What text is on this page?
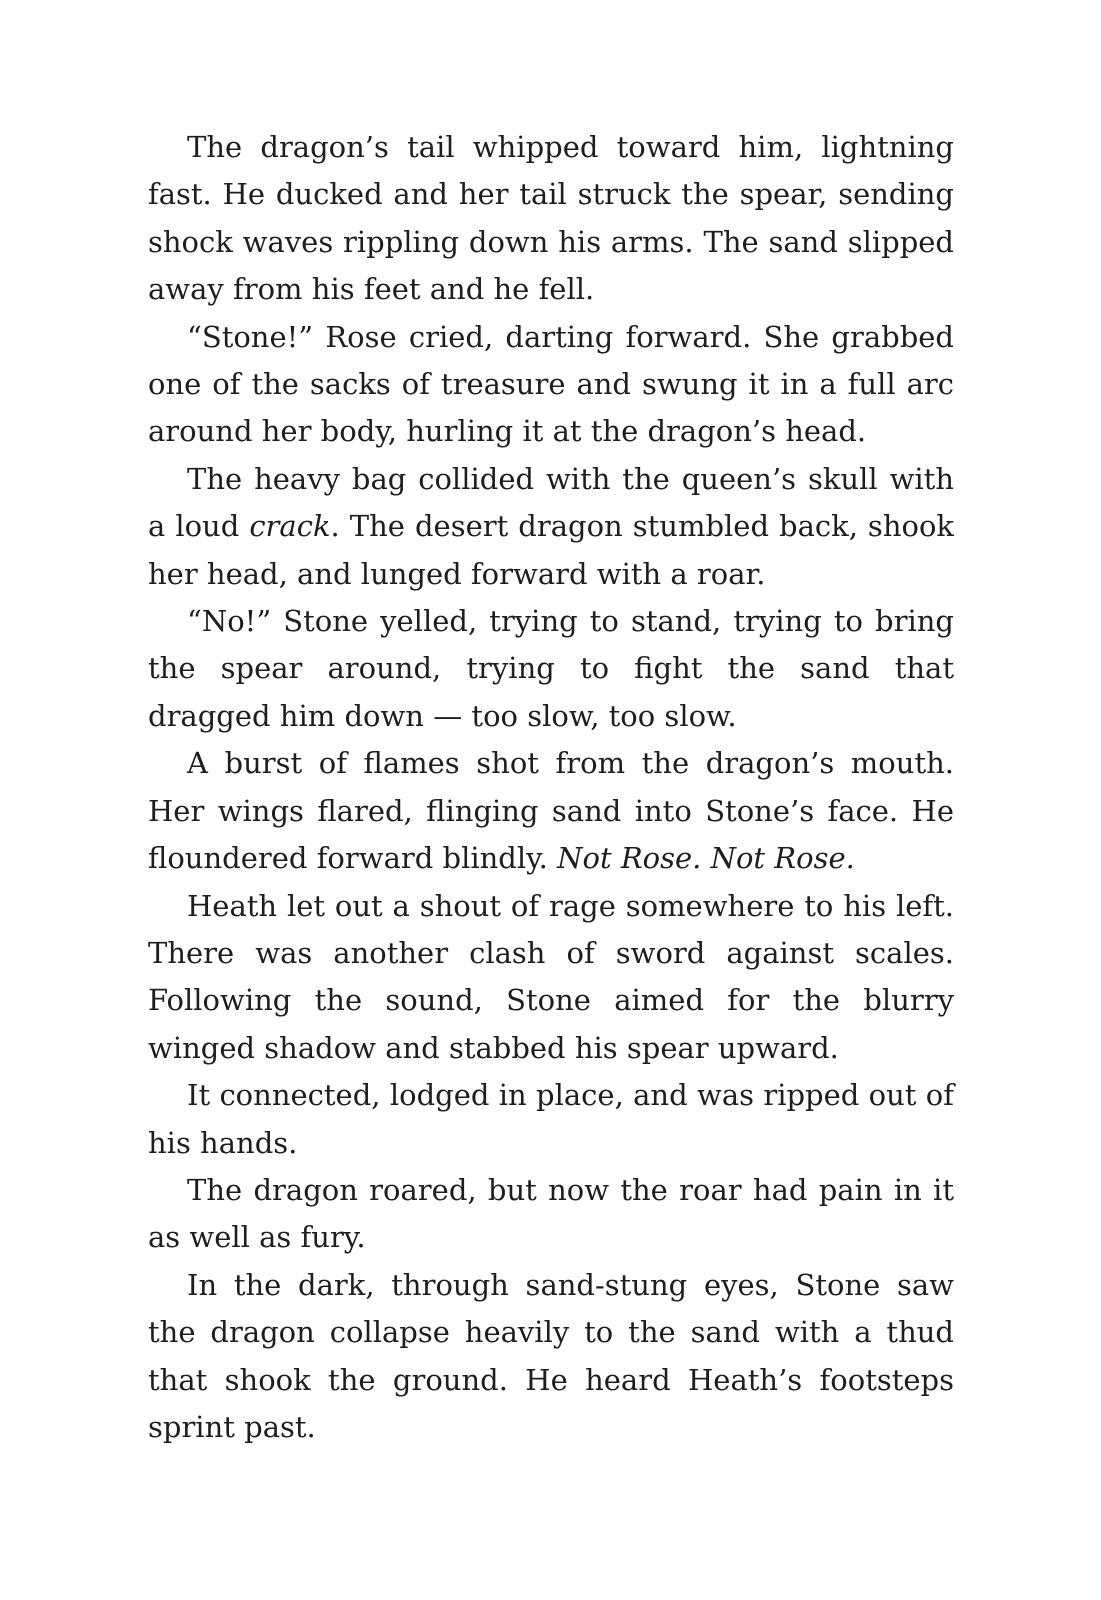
The dragon’s tail whipped toward him, lightning fast. He ducked and her tail struck the spear, sending shock waves rippling down his arms. The sand slipped away from his feet and he fell.

“Stone!” Rose cried, darting forward. She grabbed one of the sacks of treasure and swung it in a full arc around her body, hurling it at the dragon’s head.

The heavy bag collided with the queen’s skull with a loud crack. The desert dragon stumbled back, shook her head, and lunged forward with a roar.

“No!” Stone yelled, trying to stand, trying to bring the spear around, trying to fight the sand that dragged him down — too slow, too slow.

A burst of flames shot from the dragon’s mouth. Her wings flared, flinging sand into Stone’s face. He floundered forward blindly. Not Rose. Not Rose.

Heath let out a shout of rage somewhere to his left. There was another clash of sword against scales. Following the sound, Stone aimed for the blurry winged shadow and stabbed his spear upward.

It connected, lodged in place, and was ripped out of his hands.

The dragon roared, but now the roar had pain in it as well as fury.

In the dark, through sand-stung eyes, Stone saw the dragon collapse heavily to the sand with a thud that shook the ground. He heard Heath’s footsteps sprint past.
